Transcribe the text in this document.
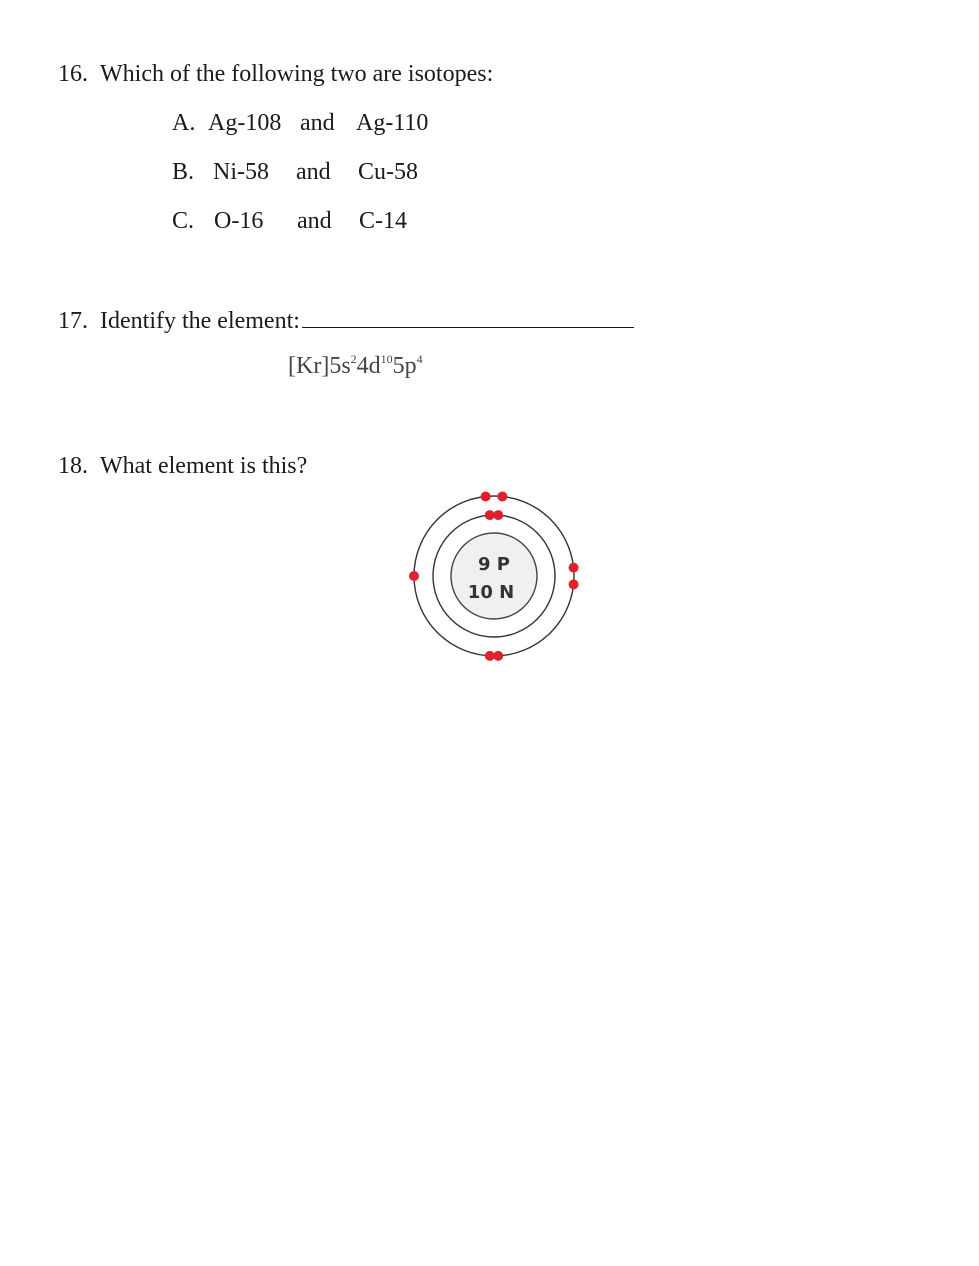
16. Which of the following two are isotopes:
A. Ag-108 and Ag-110
B. Ni-58 and Cu-58
C. O-16 and C-14
17. Identify the element:
$[Kr]5s^24d^{10}5p^4$
18. What element is this?
9 P
10 N
